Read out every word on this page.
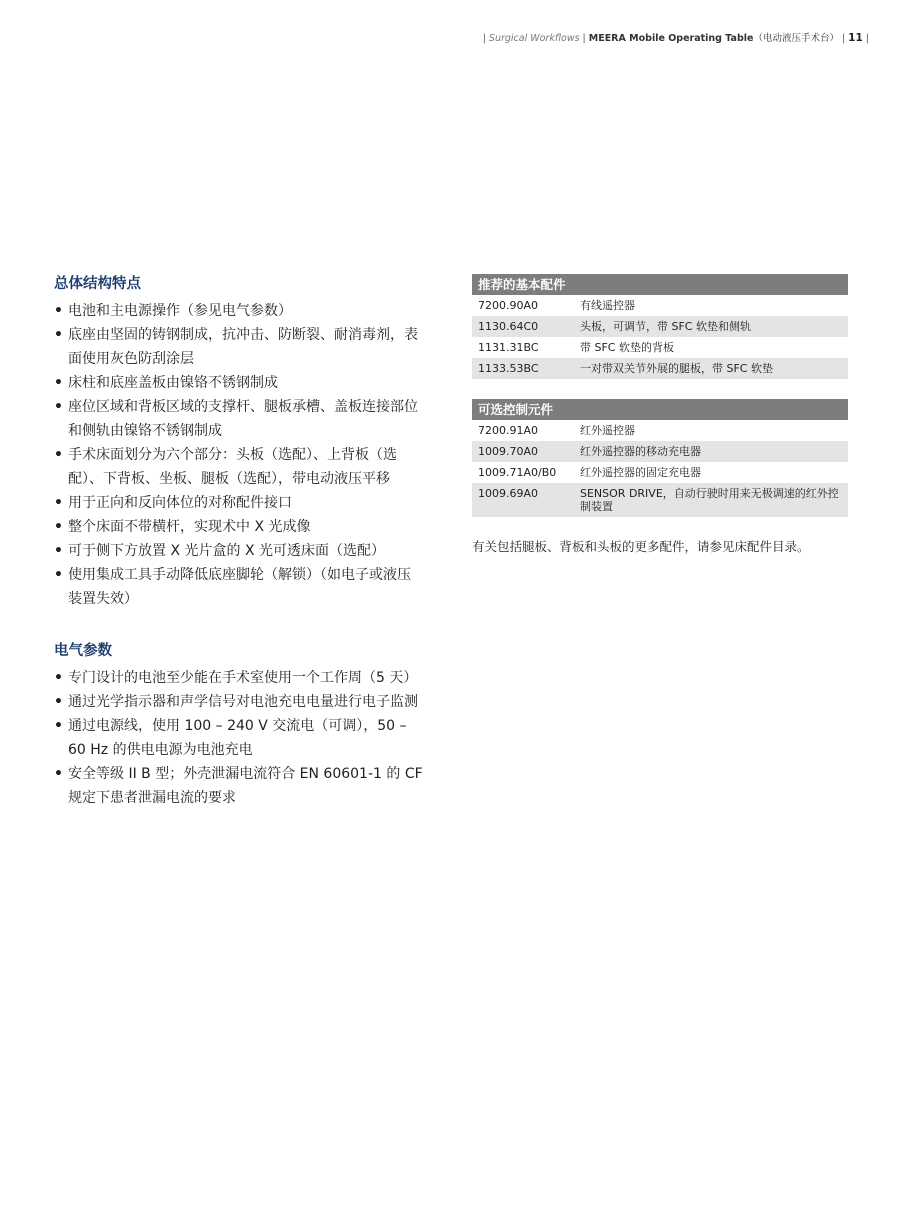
| Surgical Workflows | MEERA Mobile Operating Table（电动液压手术台） | 11 |
总体结构特点
• 电池和主电源操作（参见电气参数）
• 底座由坚固的铸钢制成，抗冲击、防断裂、耐消毒剂，表面使用灰色防刮涂层
• 床柱和底座盖板由镍铬不锈钢制成
• 座位区域和背板区域的支撑杆、腿板承槽、盖板连接部位和侧轨由镍铬不锈钢制成
• 手术床面划分为六个部分：头板（选配）、上背板（选配）、下背板、坐板、腿板（选配），带电动液压平移
• 用于正向和反向体位的对称配件接口
• 整个床面不带横杆，实现术中 X 光成像
• 可于侧下方放置 X 光片盒的 X 光可透床面（选配）
• 使用集成工具手动降低底座脚轮（解锁）（如电子或液压装置失效）
电气参数
• 专门设计的电池至少能在手术室使用一个工作周（5 天）
• 通过光学指示器和声学信号对电池充电电量进行电子监测
• 通过电源线，使用 100 – 240 V 交流电（可调），50 – 60 Hz 的供电电源为电池充电
• 安全等级 II B 型；外壳泄漏电流符合 EN 60601-1 的 CF 规定下患者泄漏电流的要求
推荐的基本配件
7200.90A0	有线遥控器
1130.64C0	头板，可调节，带 SFC 软垫和侧轨
1131.31BC	带 SFC 软垫的背板
1133.53BC	一对带双关节外展的腿板，带 SFC 软垫
可选控制元件
7200.91A0	红外遥控器
1009.70A0	红外遥控器的移动充电器
1009.71A0/B0	红外遥控器的固定充电器
1009.69A0	SENSOR DRIVE，自动行驶时用来无极调速的红外控制装置
有关包括腿板、背板和头板的更多配件，请参见床配件目录。
